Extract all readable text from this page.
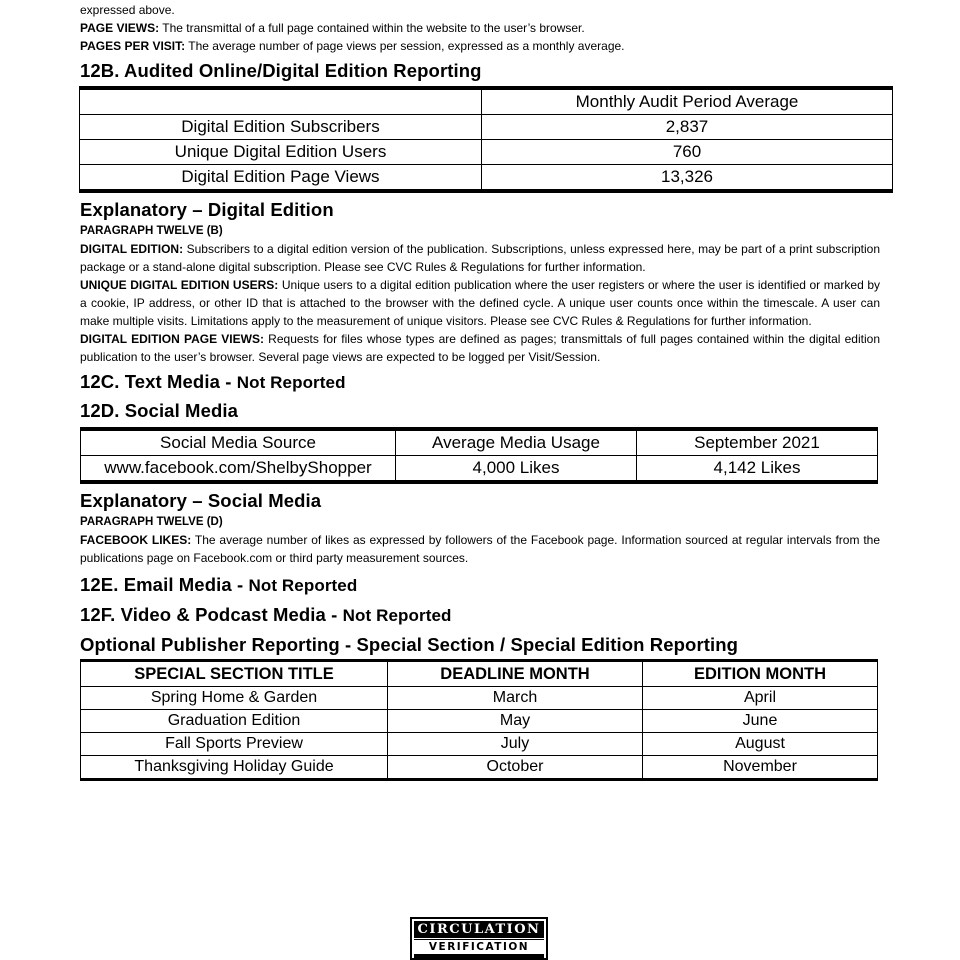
expressed above.

PAGE VIEWS: The transmittal of a full page contained within the website to the user’s browser.

PAGES PER VISIT: The average number of page views per session, expressed as a monthly average.

12B. Audited Online/Digital Edition Reporting
	Monthly Audit Period Average
Digital Edition Subscribers	2,837
Unique Digital Edition Users	760
Digital Edition Page Views	13,326
Explanatory – Digital Edition

PARAGRAPH TWELVE (B)

DIGITAL EDITION: Subscribers to a digital edition version of the publication. Subscriptions, unless expressed here, may be part of a print subscription package or a stand-alone digital subscription. Please see CVC Rules & Regulations for further information.

UNIQUE DIGITAL EDITION USERS: Unique users to a digital edition publication where the user registers or where the user is identified or marked by a cookie, IP address, or other ID that is attached to the browser with the defined cycle. A unique user counts once within the timescale. A user can make multiple visits. Limitations apply to the measurement of unique visitors. Please see CVC Rules & Regulations for further information.

DIGITAL EDITION PAGE VIEWS: Requests for files whose types are defined as pages; transmittals of full pages contained within the digital edition publication to the user’s browser. Several page views are expected to be logged per Visit/Session.

12C. Text Media - Not Reported
12D. Social Media
Social Media Source	Average Media Usage	September 2021
www.facebook.com/ShelbyShopper	4,000 Likes	4,142 Likes
Explanatory – Social Media

PARAGRAPH TWELVE (D)

FACEBOOK LIKES: The average number of likes as expressed by followers of the Facebook page. Information sourced at regular intervals from the publications page on Facebook.com or third party measurement sources.

12E. Email Media - Not Reported
12F. Video & Podcast Media - Not Reported
Optional Publisher Reporting - Special Section / Special Edition Reporting
SPECIAL SECTION TITLE	DEADLINE MONTH	EDITION MONTH
Spring Home & Garden	March	April
Graduation Edition	May	June
Fall Sports Preview	July	August
Thanksgiving Holiday Guide	October	November
CIRCULATION
VERIFICATION
